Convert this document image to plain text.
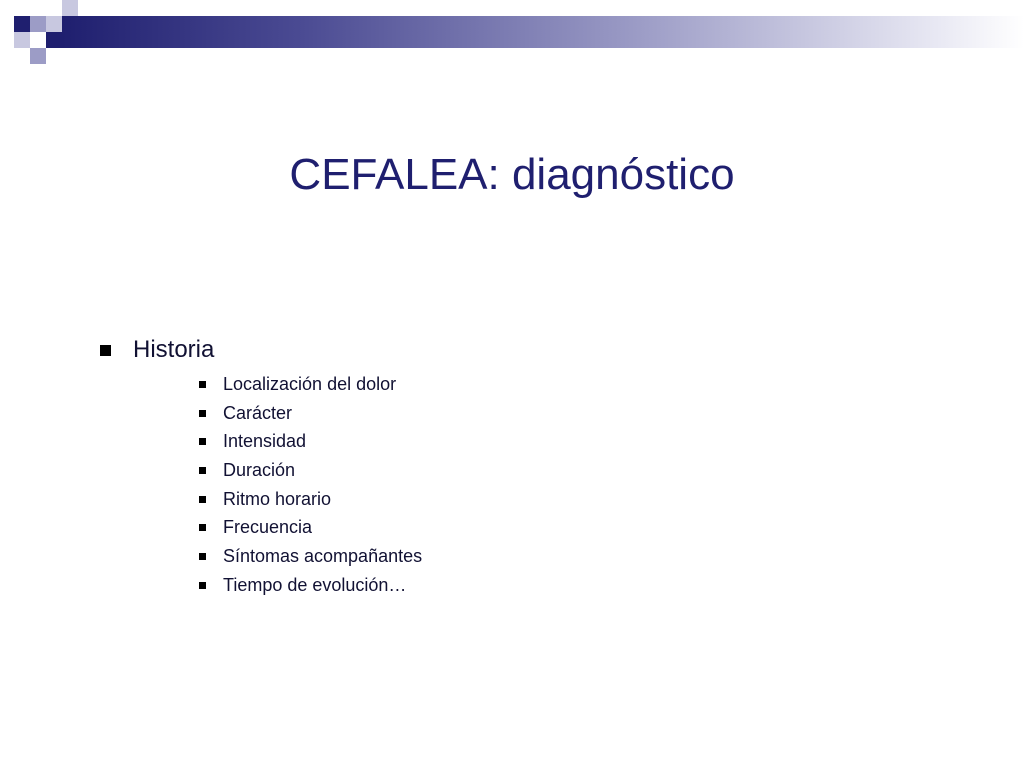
CEFALEA: diagnóstico
Historia
Localización del dolor
Carácter
Intensidad
Duración
Ritmo horario
Frecuencia
Síntomas acompañantes
Tiempo de evolución…
